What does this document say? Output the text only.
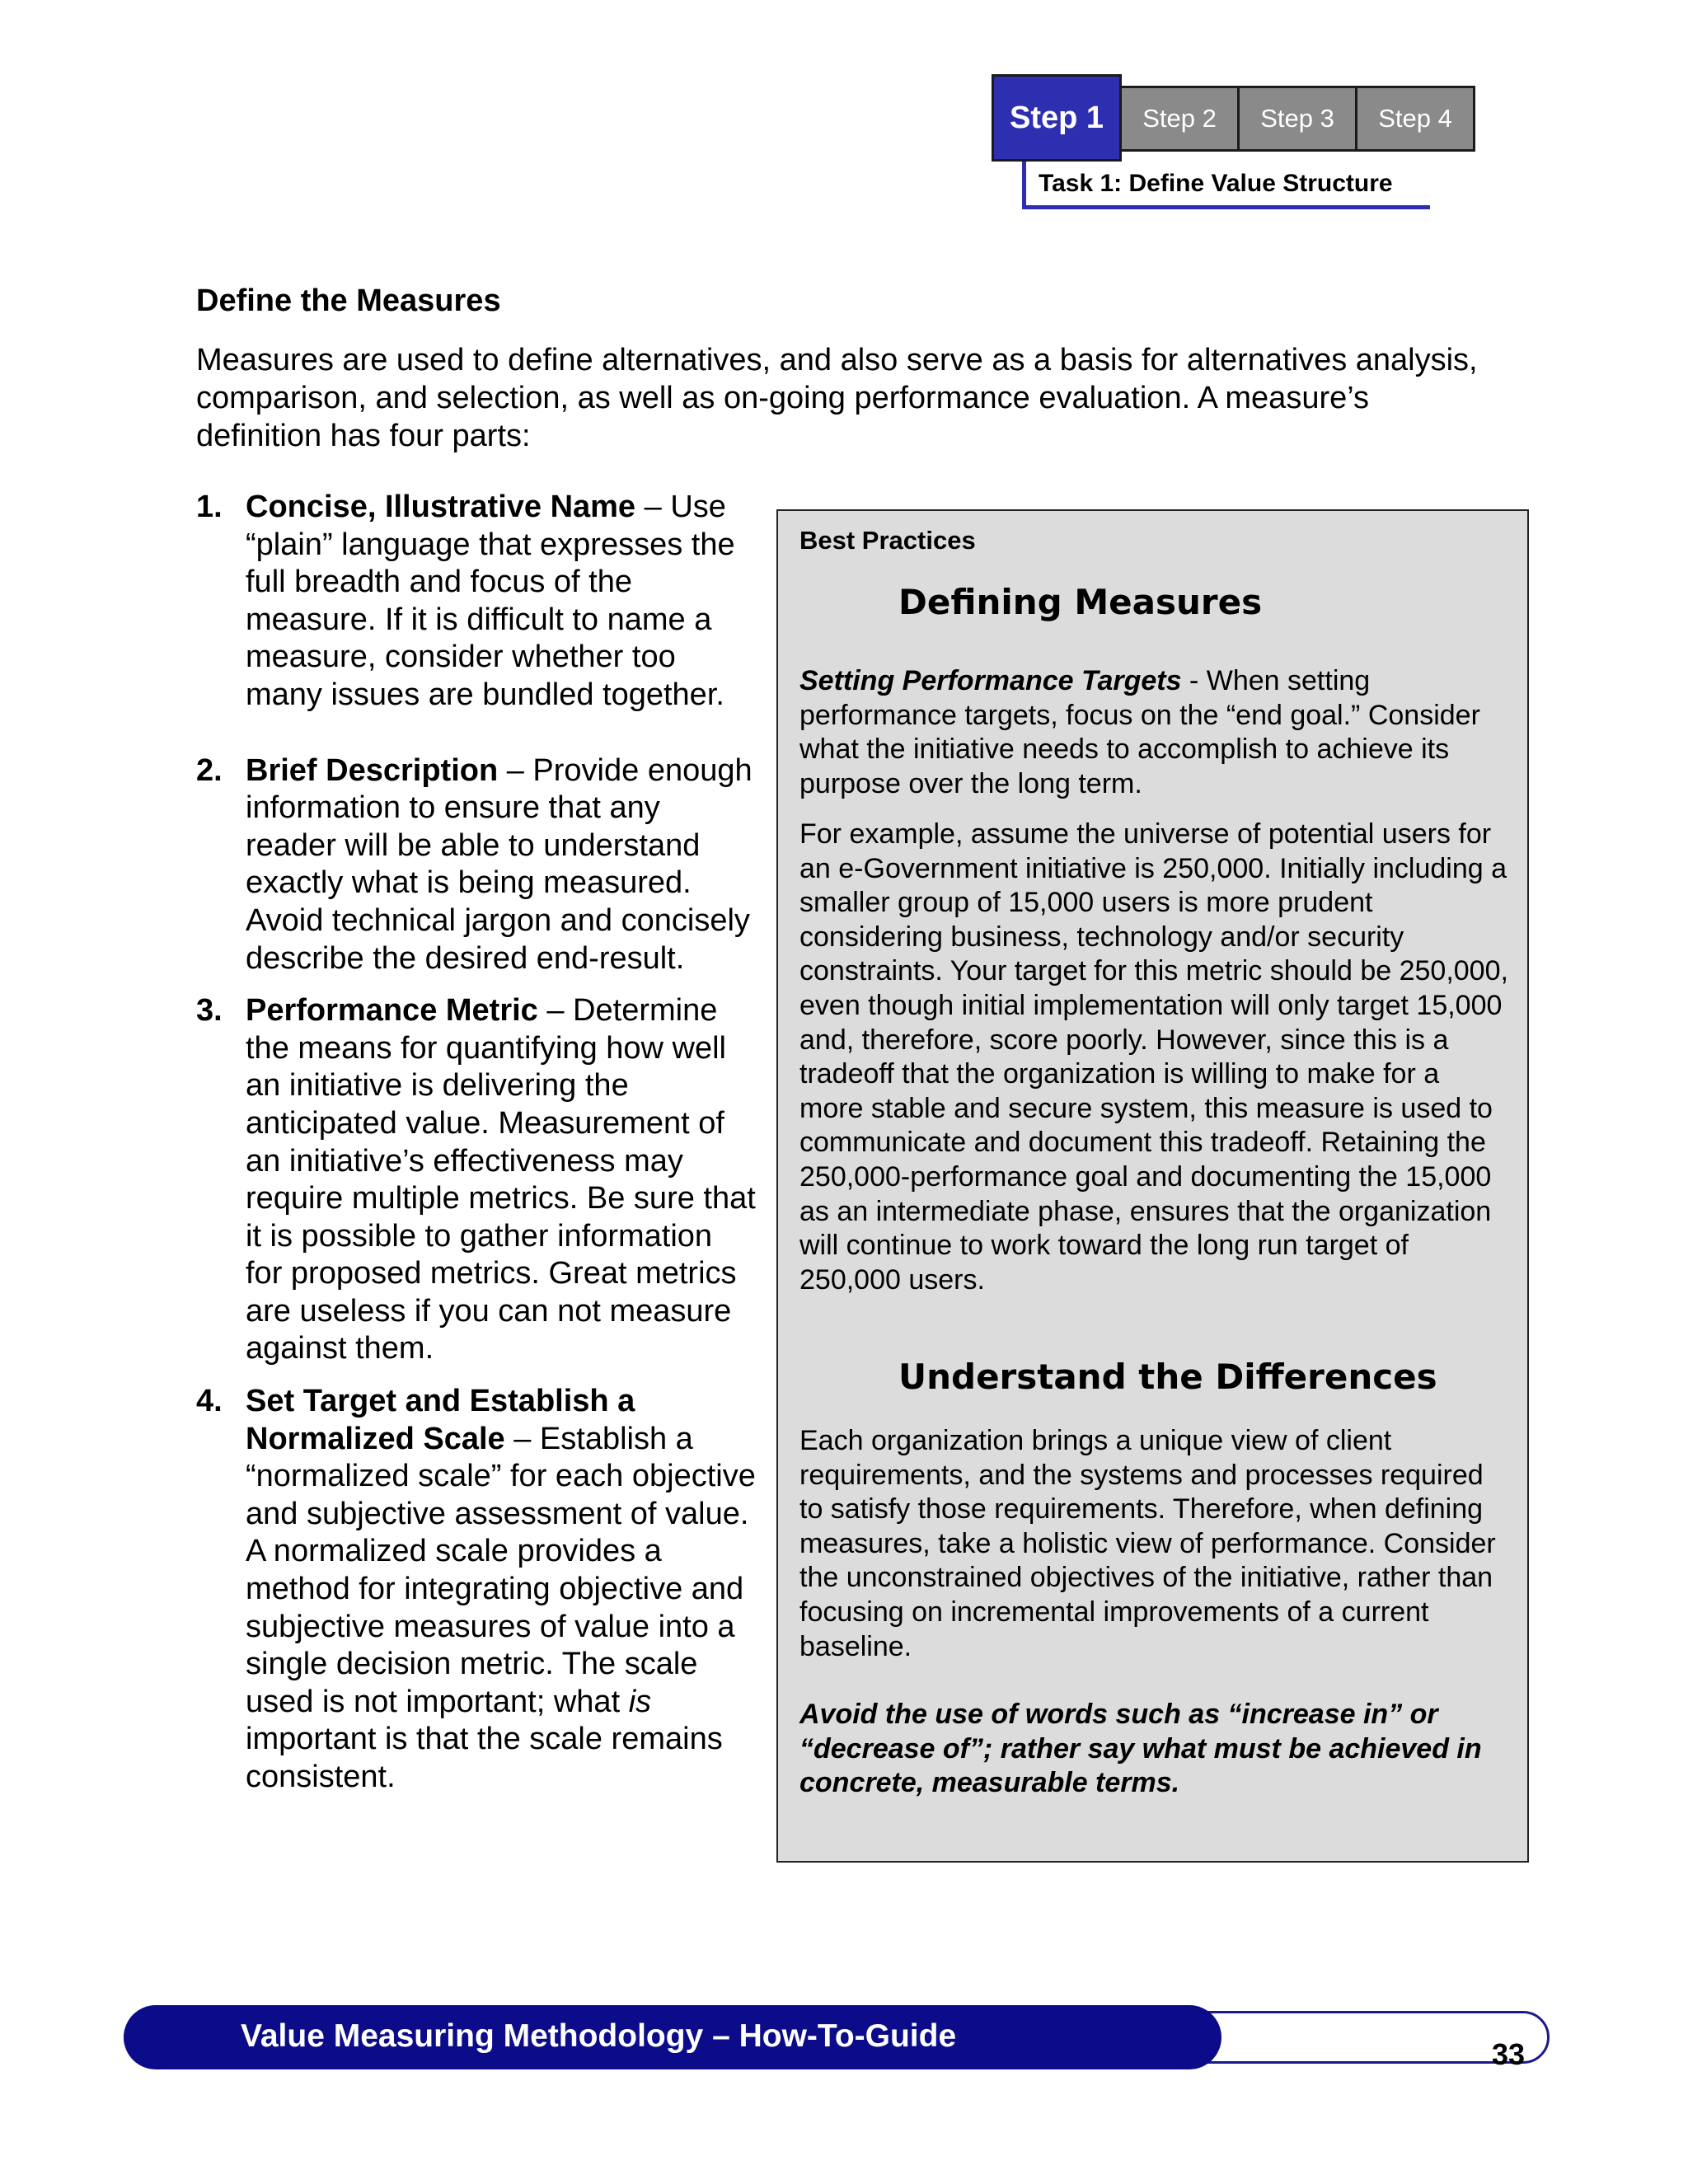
Step 1	Step 2	Step 3	Step 4
Task 1: Define Value Structure
Define the Measures

Measures are used to define alternatives, and also serve as a basis for alternatives analysis, comparison, and selection, as well as on-going performance evaluation. A measure’s definition has four parts:

1. Concise, Illustrative Name – Use “plain” language that expresses the full breadth and focus of the measure. If it is difficult to name a measure, consider whether too many issues are bundled together.
2. Brief Description – Provide enough information to ensure that any reader will be able to understand exactly what is being measured. Avoid technical jargon and concisely describe the desired end-result.
3. Performance Metric – Determine the means for quantifying how well an initiative is delivering the anticipated value. Measurement of an initiative’s effectiveness may require multiple metrics. Be sure that it is possible to gather information for proposed metrics. Great metrics are useless if you can not measure against them.
4. Set Target and Establish a Normalized Scale – Establish a “normalized scale” for each objective and subjective assessment of value. A normalized scale provides a method for integrating objective and subjective measures of value into a single decision metric. The scale used is not important; what is important is that the scale remains consistent.
Best Practices
Defining Measures

Setting Performance Targets - When setting performance targets, focus on the “end goal.” Consider what the initiative needs to accomplish to achieve its purpose over the long term.

For example, assume the universe of potential users for an e-Government initiative is 250,000. Initially including a smaller group of 15,000 users is more prudent considering business, technology and/or security constraints. Your target for this metric should be 250,000, even though initial implementation will only target 15,000 and, therefore, score poorly. However, since this is a tradeoff that the organization is willing to make for a more stable and secure system, this measure is used to communicate and document this tradeoff. Retaining the 250,000-performance goal and documenting the 15,000 as an intermediate phase, ensures that the organization will continue to work toward the long run target of 250,000 users.

Understand the Differences

Each organization brings a unique view of client requirements, and the systems and processes required to satisfy those requirements. Therefore, when defining measures, take a holistic view of performance. Consider the unconstrained objectives of the initiative, rather than focusing on incremental improvements of a current baseline.

Avoid the use of words such as “increase in” or “decrease of”; rather say what must be achieved in concrete, measurable terms.

Value Measuring Methodology – How-To-Guide
33
